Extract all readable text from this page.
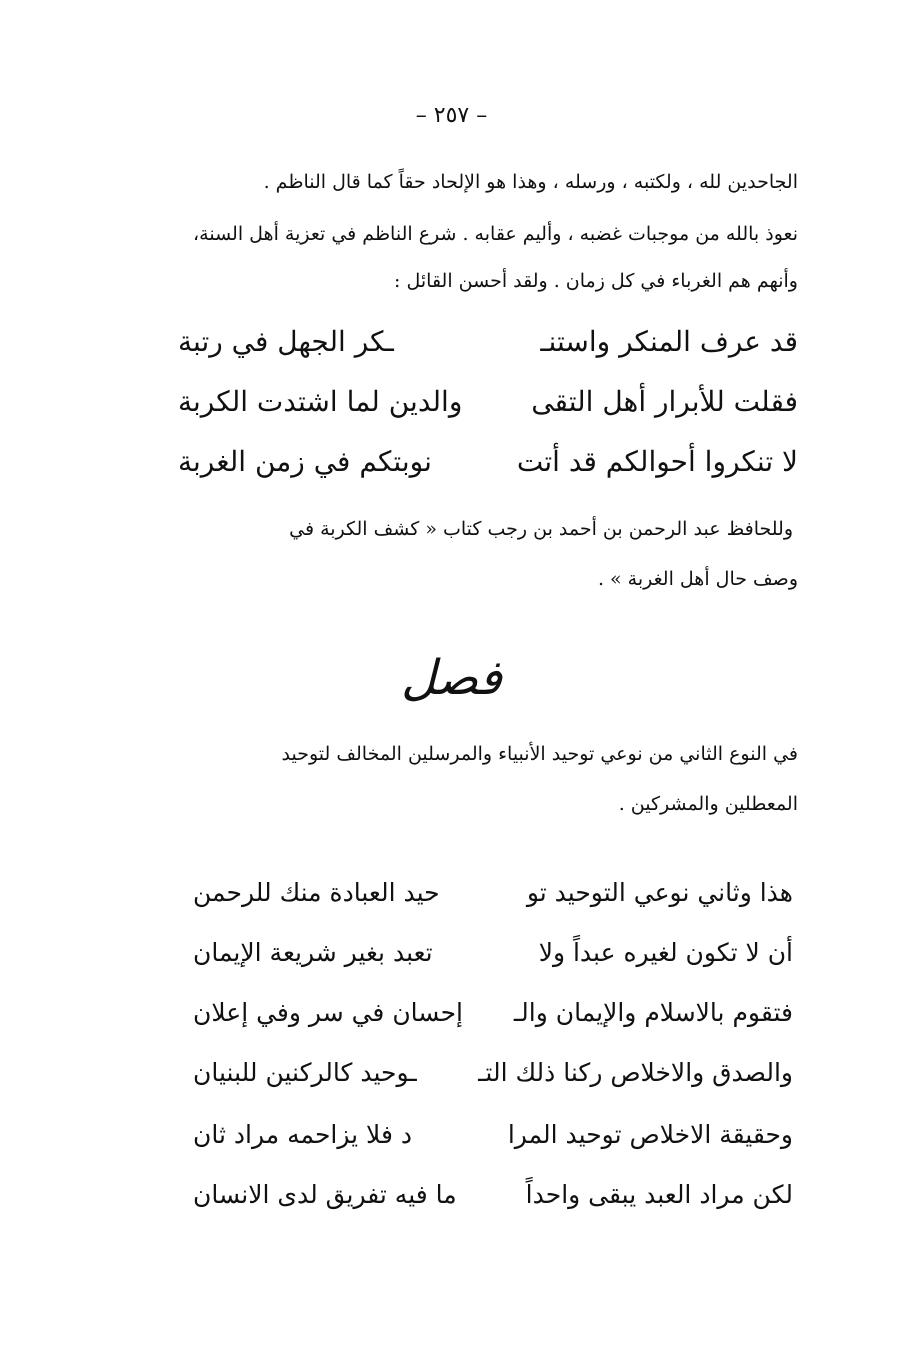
– ٢٥٧ –
الجاحدين لله ، ولكتبه ، ورسله ، وهذا هو الإلحاد حقاً كما قال الناظم .
نعوذ بالله من موجبات غضبه ، وأليم عقابه . شرع الناظم في تعزية أهل السنة،
وأنهم هم الغرباء في كل زمان . ولقد أحسن القائل :
قد عرف المنكر واستنـ
ـكر الجهل في رتبة
فقلت للأبرار أهل التقى
والدين لما اشتدت الكربة
لا تنكروا أحوالكم قد أتت
نوبتكم في زمن الغربة
وللحافظ عبد الرحمن بن أحمد بن رجب كتاب « كشف الكربة في
وصف حال أهل الغربة » .
فصل
في النوع الثاني من نوعي توحيد الأنبياء والمرسلين المخالف لتوحيد
المعطلين والمشركين .
هذا وثاني نوعي التوحيد تو
حيد العبادة منك للرحمن
أن لا تكون لغيره عبداً ولا
تعبد بغير شريعة الإيمان
فتقوم بالاسلام والإيمان والـ
إحسان في سر وفي إعلان
والصدق والاخلاص ركنا ذلك التـ
ـوحيد كالركنين للبنيان
وحقيقة الاخلاص توحيد المرا
د فلا يزاحمه مراد ثان
لكن مراد العبد يبقى واحداً
ما فيه تفريق لدى الانسان
